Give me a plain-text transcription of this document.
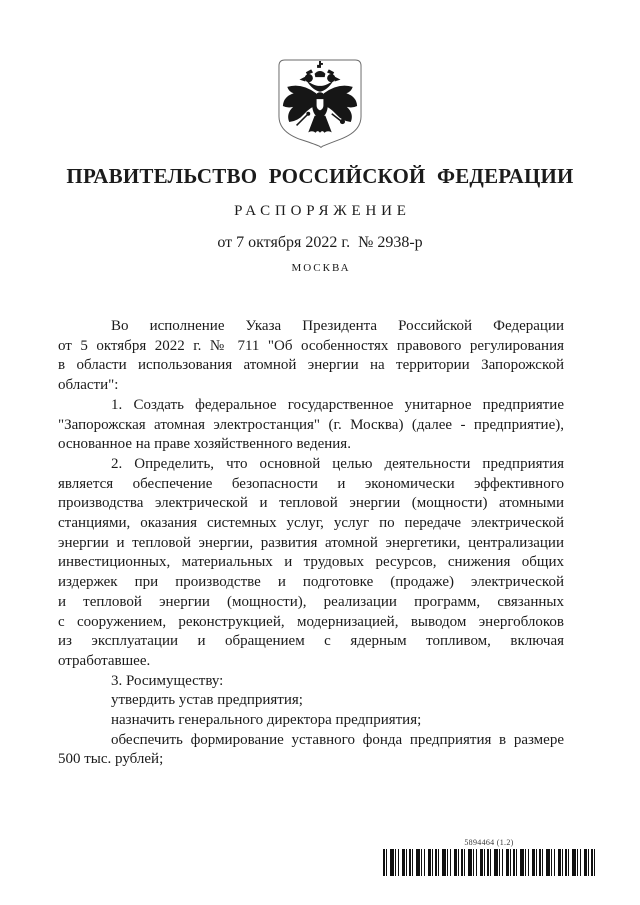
ПРАВИТЕЛЬСТВО РОССИЙСКОЙ ФЕДЕРАЦИИ
РАСПОРЯЖЕНИЕ
от 7 октября 2022 г.  № 2938-р
МОСКВА
Во исполнение Указа Президента Российской Федерации
от 5 октября 2022 г. № 711 "Об особенностях правового регулирования
в области использования атомной энергии на территории Запорожской
области":
1. Создать федеральное государственное унитарное предприятие
"Запорожская атомная электростанция" (г. Москва) (далее - предприятие),
основанное на праве хозяйственного ведения.
2. Определить, что основной целью деятельности предприятия
является обеспечение безопасности и экономически эффективного
производства электрической и тепловой энергии (мощности) атомными
станциями, оказания системных услуг, услуг по передаче электрической
энергии и тепловой энергии, развития атомной энергетики, централизации
инвестиционных, материальных и трудовых ресурсов, снижения общих
издержек при производстве и подготовке (продаже) электрической
и тепловой энергии (мощности), реализации программ, связанных
с сооружением, реконструкцией, модернизацией, выводом энергоблоков
из эксплуатации и обращением с ядерным топливом, включая
отработавшее.
3. Росимуществу:
утвердить устав предприятия;
назначить генерального директора предприятия;
обеспечить формирование уставного фонда предприятия в размере
500 тыс. рублей;
5894464 (1.2)
